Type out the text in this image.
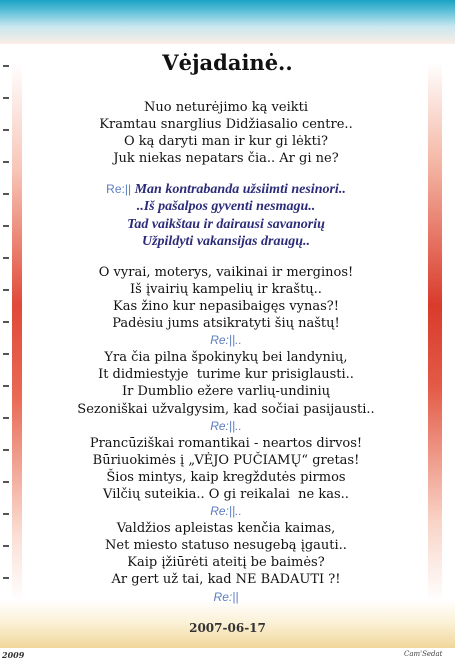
Vėjadainė..
Nuo neturėjimo ką veikti
Kramtau snarglius Didžiasalio centre..
O ką daryti man ir kur gi lėkti?
Juk niekas nepatars čia.. Ar gi ne?
Re:|| Man kontrabanda užsiimti nesinori..
..Iš pašalpos gyventi nesmagu..
Tad vaikštau ir dairausi savanorių
Užpildyti vakansijas draugų..
O vyrai, moterys, vaikinai ir merginos!
Iš įvairių kampelių ir kraštų..
Kas žino kur nepasibaigęs vynas?!
Padėsiu jums atsikratyti šių naštų!
Re:||..
Yra čia pilna špokinykų bei landynių,
It didmiestyje  turime kur prisiglausti..
Ir Dumblio ežere varlių-undinių
Sezoniškai užvalgysim, kad sočiai pasijausti..
Re:||..
Prancūziškai romantikai - neartos dirvos!
Būriuokimės į „VĖJO PUČIAMŲ“ gretas!
Šios mintys, kaip kregždutės pirmos
Vilčių suteikia.. O gi reikalai  ne kas..
Re:||..
Valdžios apleistas kenčia kaimas,
Net miesto statuso nesugebą įgauti..
Kaip įžiūrėti ateitį be baimės?
Ar gert už tai, kad NE BADAUTI ?!
Re:||
2007-06-17
2009	Cam'Sedat
